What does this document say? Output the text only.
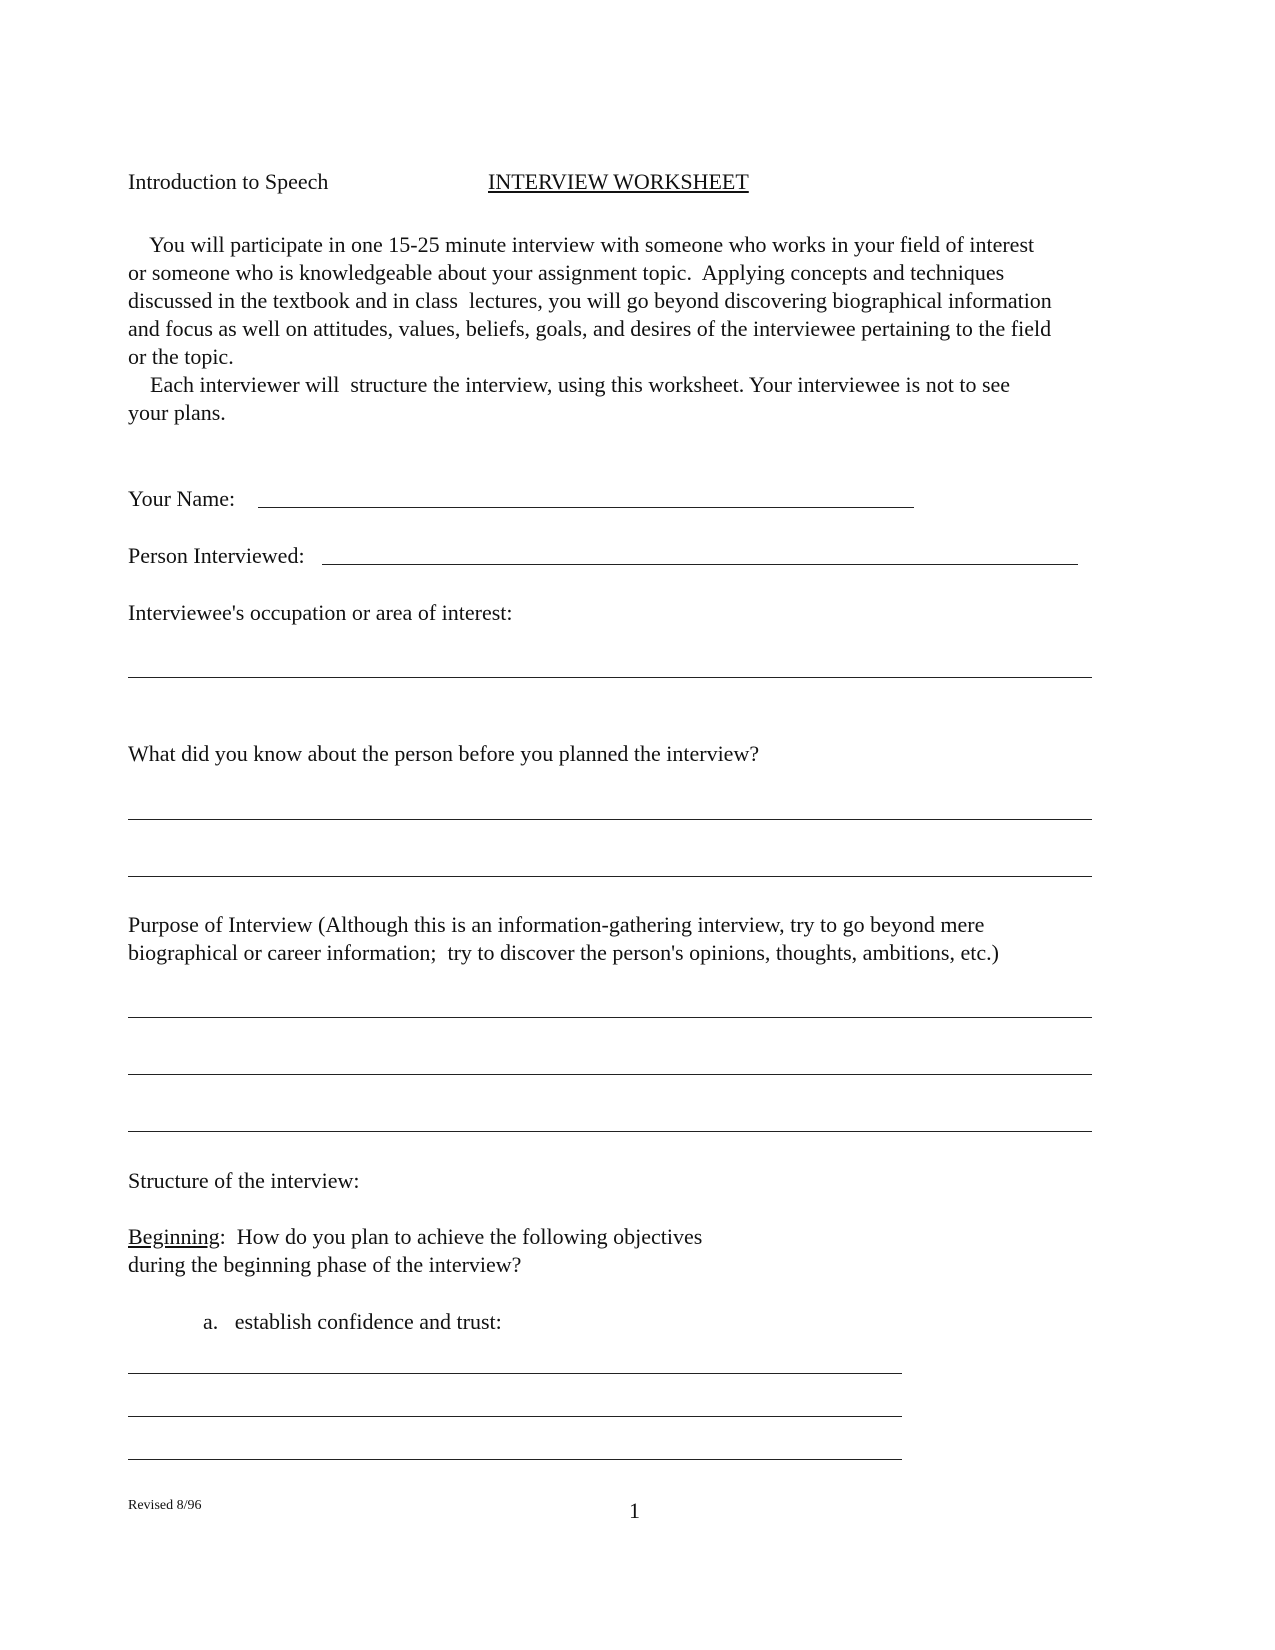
Introduction to Speech	INTERVIEW WORKSHEET
You will participate in one 15-25 minute interview with someone who works in your field of interest
or someone who is knowledgeable about your assignment topic.  Applying concepts and techniques
discussed in the textbook and in class  lectures, you will go beyond discovering biographical information
and focus as well on attitudes, values, beliefs, goals, and desires of the interviewee pertaining to the field
or the topic.
Each interviewer will  structure the interview, using this worksheet. Your interviewee is not to see
your plans.
Your Name:
Person Interviewed:
Interviewee's occupation or area of interest:
What did you know about the person before you planned the interview?
Purpose of Interview (Although this is an information-gathering interview, try to go beyond mere
biographical or career information;  try to discover the person's opinions, thoughts, ambitions, etc.)
Structure of the interview:
Beginning:  How do you plan to achieve the following objectives
during the beginning phase of the interview?
a.   establish confidence and trust:
Revised 8/96	1
